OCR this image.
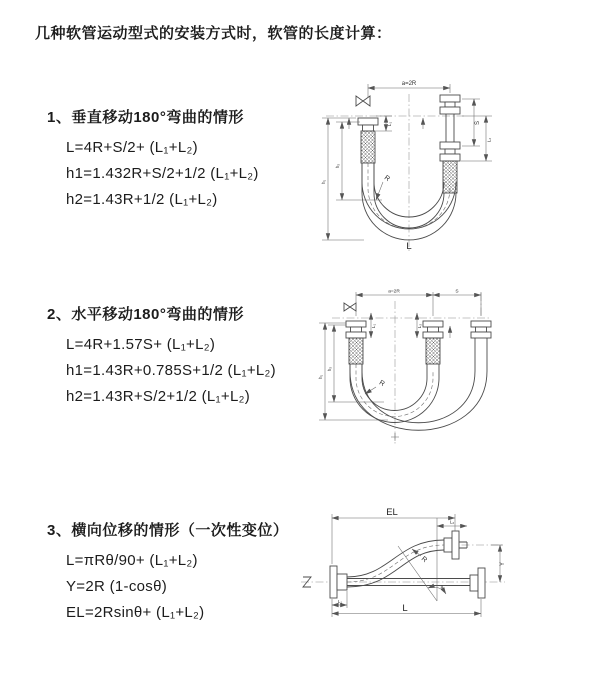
几种软管运动型式的安装方式时，软管的长度计算：
1、垂直移动180°弯曲的情形
L=4R+S/2+ (L₁+L₂)
h1=1.432R+S/2+1/2 (L₁+L₂)
h2=1.43R+1/2 (L₁+L₂)
2、水平移动180°弯曲的情形
L=4R+1.57S+ (L₁+L₂)
h1=1.43R+0.785S+1/2 (L₁+L₂)
h2=1.43R+S/2+1/2 (L₁+L₂)
3、横向位移的情形（一次性变位）
L=πRθ/90+ (L₁+L₂)
Y=2R (1-cosθ)
EL=2Rsinθ+ (L₁+L₂)
a=2R
h₁
h₂
L₁	S
L₂
R
L
a=2R	S
h₁
h₂
L₁	L₂
R
EL
L₂
Y
L₁
R
θ
L
